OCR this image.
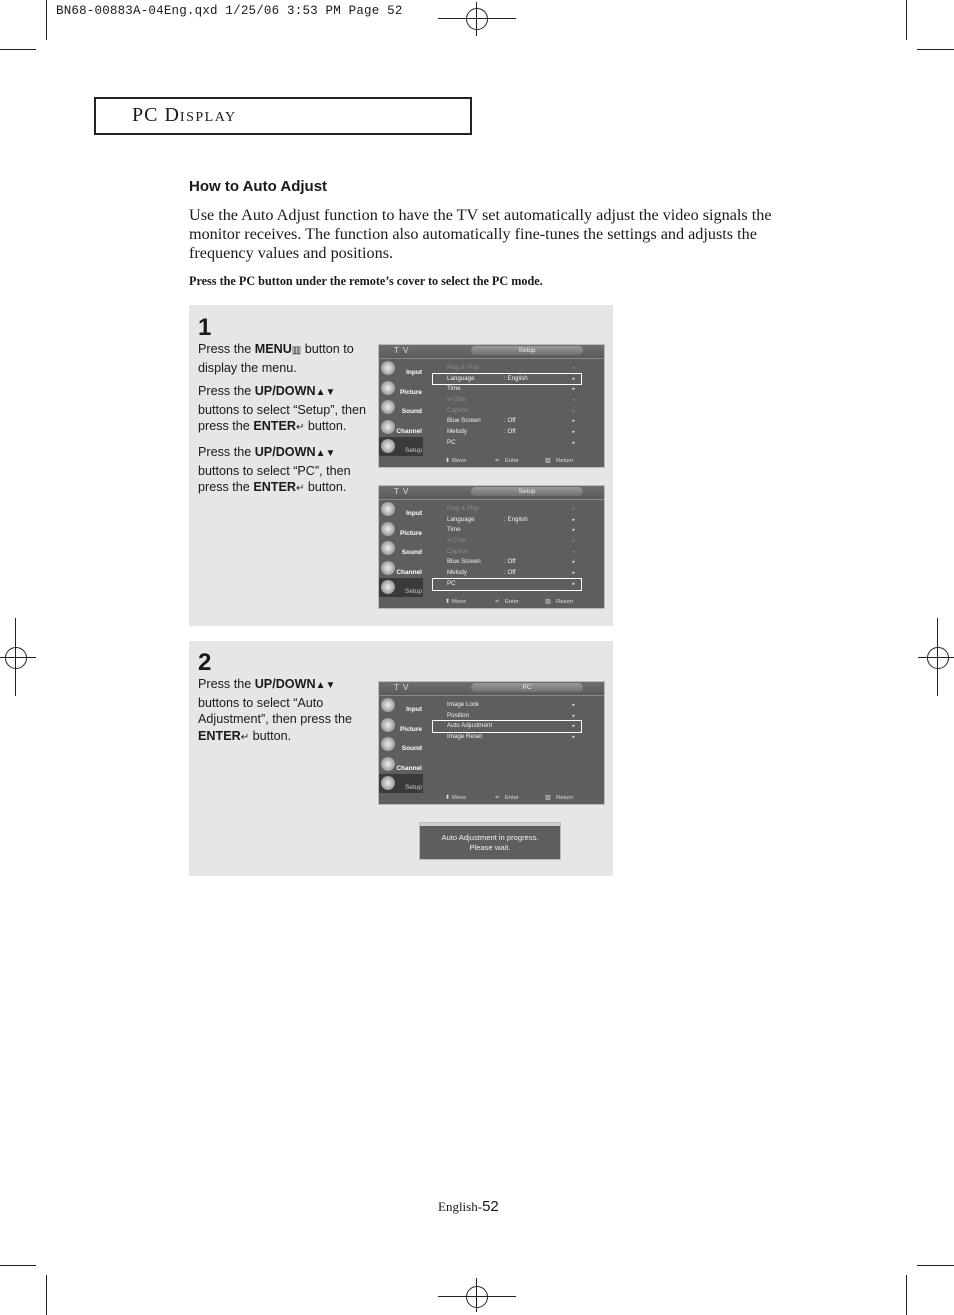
BN68-00883A-04Eng.qxd 1/25/06 3:53 PM Page 52
PC DISPLAY
How to Auto Adjust
Use the Auto Adjust function to have the TV set automatically adjust the video signals the monitor receives. The function also automatically fine-tunes the settings and adjusts the frequency values and positions.
Press the PC button under the remote’s cover to select the PC mode.
1

Press the MENU▥ button to display the menu.

Press the UP/DOWN▲▼ buttons to select “Setup”, then press the ENTER↵ button.

Press the UP/DOWN▲▼ buttons to select “PC”, then press the ENTER↵ button.

T V	Setup
Input
Picture
Sound
Channel
Setup
Plug & Play	▸
Language	: English	▸
Time	▸
V-Chip	▸
Caption	▸
Blue Screen	: Off	▸
Melody	: Off	▸
PC	▸
⬍ Move	↵ Enter	▥ Return
T V	Setup
Input
Picture
Sound
Channel
Setup
Plug & Play	▸
Language	: English	▸
Time	▸
V-Chip	▸
Caption	▸
Blue Screen	: Off	▸
Melody	: Off	▸
PC	▸
⬍ Move	↵ Enter	▥ Return
2

Press the UP/DOWN▲▼ buttons to select “Auto Adjustment”, then press the ENTER↵ button.

T V	PC
Input
Picture
Sound
Channel
Setup
Image Lock	▸
Position	▸
Auto Adjustment	▸
Image Reset	▸
⬍ Move	↵ Enter	▥ Return
Auto Adjustment in progress.
Please wait.
English-52
